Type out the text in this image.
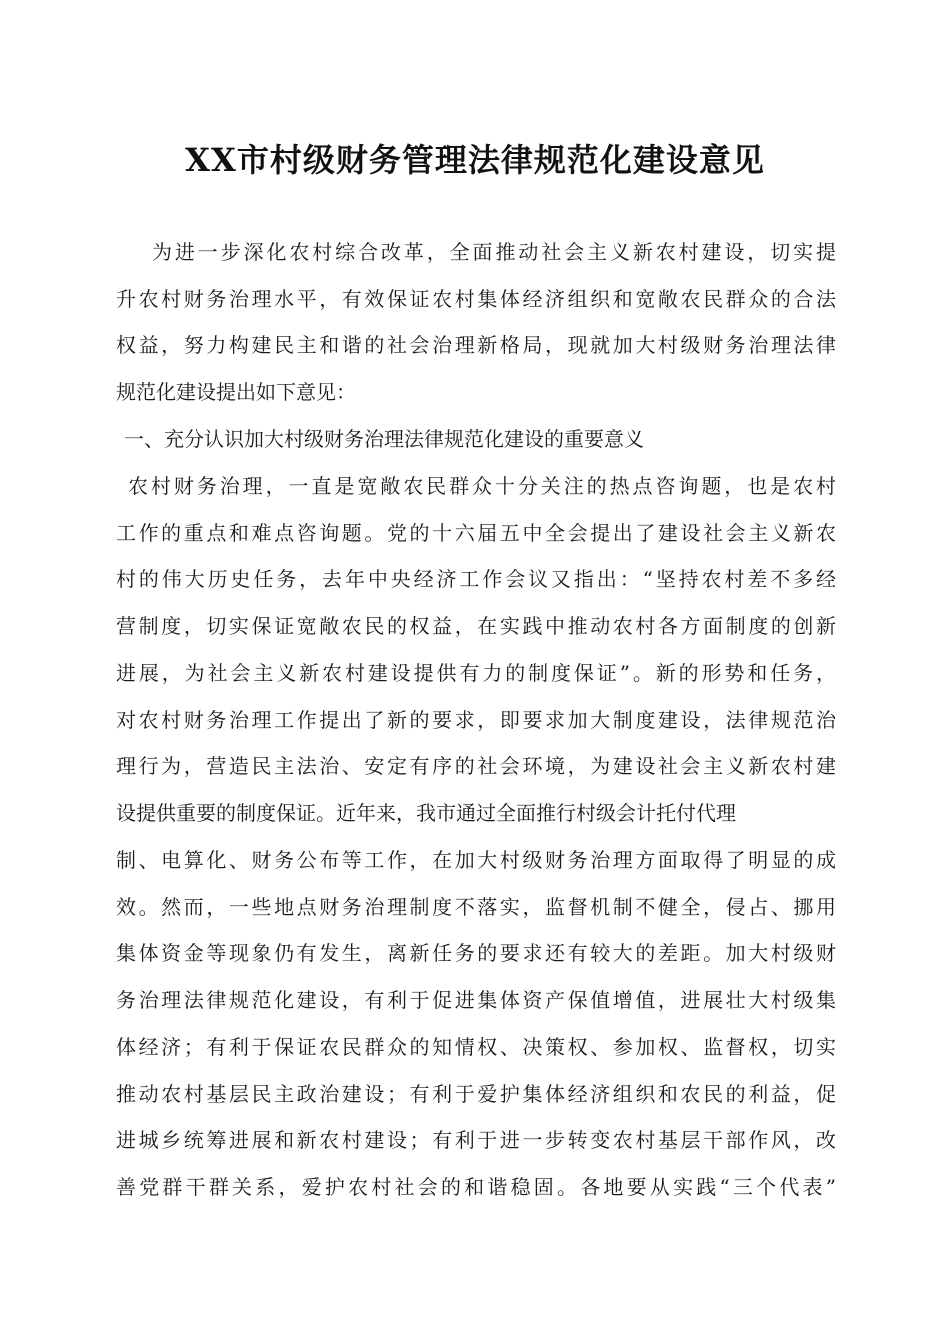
XX市村级财务管理法律规范化建设意见
为进一步深化农村综合改革，全面推动社会主义新农村建设，切实提
升农村财务治理水平，有效保证农村集体经济组织和宽敞农民群众的合法
权益，努力构建民主和谐的社会治理新格局，现就加大村级财务治理法律
规范化建设提出如下意见：
一、充分认识加大村级财务治理法律规范化建设的重要意义
农村财务治理，一直是宽敞农民群众十分关注的热点咨询题，也是农村
工作的重点和难点咨询题。党的十六届五中全会提出了建设社会主义新农
村的伟大历史任务，去年中央经济工作会议又指出：“坚持农村差不多经
营制度，切实保证宽敞农民的权益，在实践中推动农村各方面制度的创新
进展，为社会主义新农村建设提供有力的制度保证”。新的形势和任务，
对农村财务治理工作提出了新的要求，即要求加大制度建设，法律规范治
理行为，营造民主法治、安定有序的社会环境，为建设社会主义新农村建
设提供重要的制度保证。近年来，我市通过全面推行村级会计托付代理
制、电算化、财务公布等工作，在加大村级财务治理方面取得了明显的成
效。然而，一些地点财务治理制度不落实，监督机制不健全，侵占、挪用
集体资金等现象仍有发生，离新任务的要求还有较大的差距。加大村级财
务治理法律规范化建设，有利于促进集体资产保值增值，进展壮大村级集
体经济；有利于保证农民群众的知情权、决策权、参加权、监督权，切实
推动农村基层民主政治建设；有利于爱护集体经济组织和农民的利益，促
进城乡统筹进展和新农村建设；有利于进一步转变农村基层干部作风，改
善党群干群关系，爱护农村社会的和谐稳固。各地要从实践“三个代表”
